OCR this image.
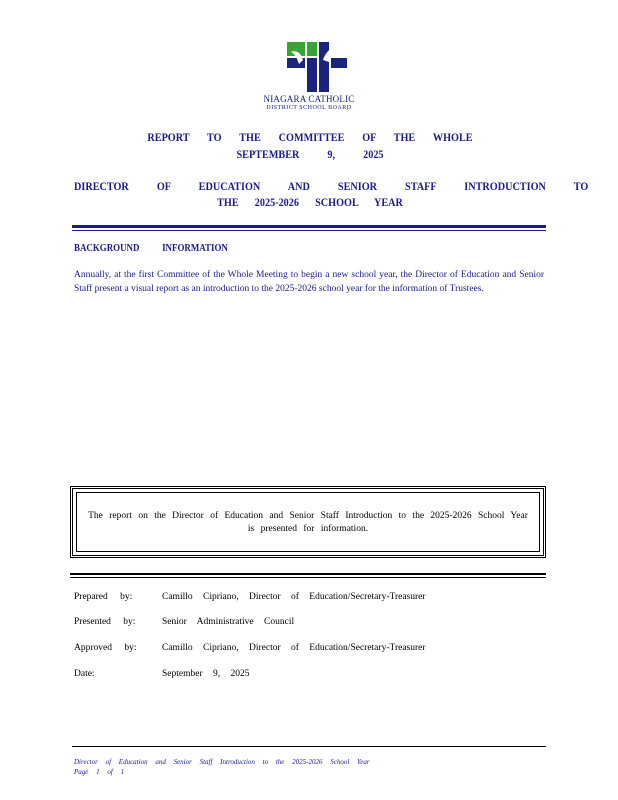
NIAGARA CATHOLIC
DISTRICT SCHOOL BOARD
REPORT TO THE COMMITTEE OF THE WHOLE
SEPTEMBER 9, 2025
DIRECTOR OF EDUCATION AND SENIOR STAFF INTRODUCTION TO
THE 2025-2026 SCHOOL YEAR
BACKGROUND INFORMATION
Annually, at the first Committee of the Whole Meeting to begin a new school year, the Director of Education and Senior Staff present a visual report as an introduction to the 2025-2026 school year for the information of Trustees.
The report on the Director of Education and Senior Staff Introduction to the 2025-2026 School Year is presented for information.
Prepared by:	Camillo Cipriano, Director of Education/Secretary-Treasurer
Presented by:	Senior Administrative Council
Approved by:	Camillo Cipriano, Director of Education/Secretary-Treasurer
Date:	September 9, 2025
Director of Education and Senior Staff Introduction to the 2025-2026 School Year
Page 1 of 1
